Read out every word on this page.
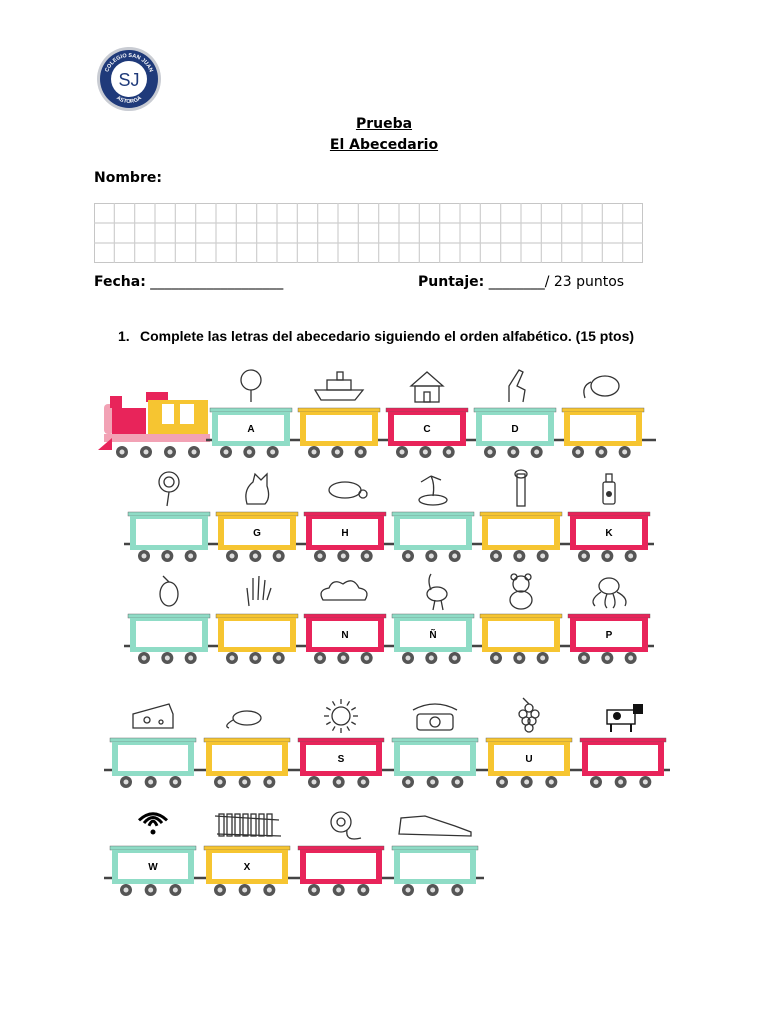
COLEGIO SAN JUAN
ASTORGA
SJ
Prueba
El Abecedario
Nombre:
Fecha: ___________________	Puntaje: ________/ 23 puntos
1. Complete las letras del abecedario siguiendo el orden alfabético. (15 ptos)
A	C	D
G	H	K
N	Ñ	P
S	U
W	X
